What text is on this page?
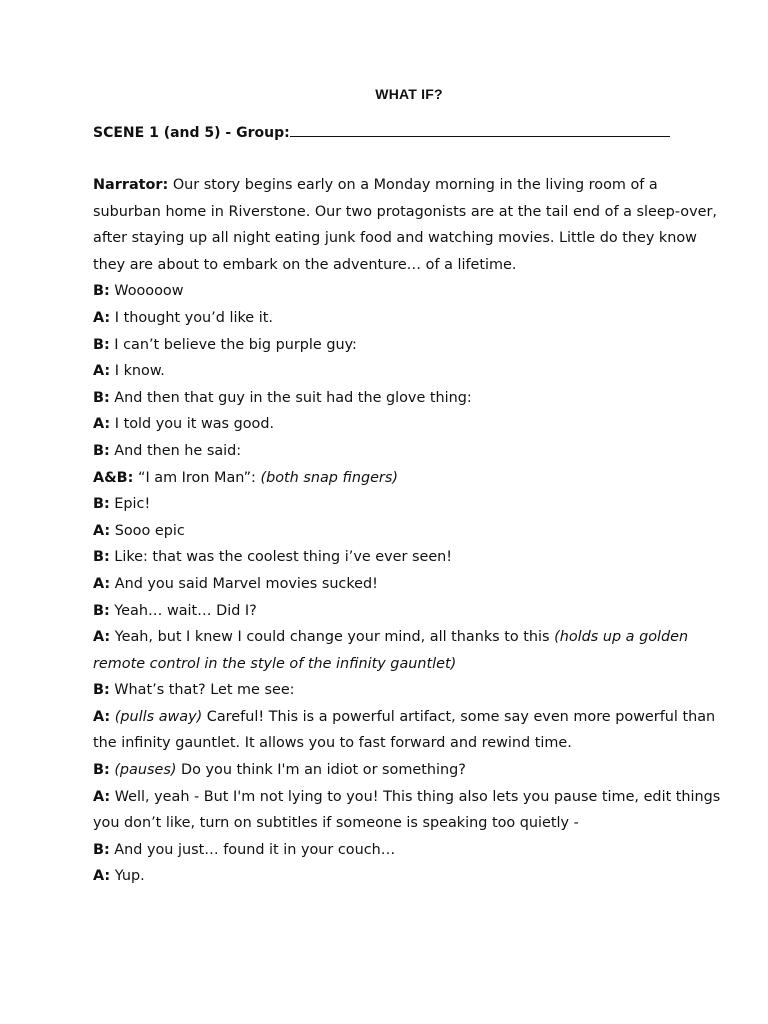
WHAT IF?
SCENE 1 (and 5) - Group:

Narrator: Our story begins early on a Monday morning in the living room of a suburban home in Riverstone. Our two protagonists are at the tail end of a sleep-over, after staying up all night eating junk food and watching movies. Little do they know they are about to embark on the adventure… of a lifetime.

B: Wooooow

A: I thought you’d like it.

B: I can’t believe the big purple guy:

A: I know.

B: And then that guy in the suit had the glove thing:

A: I told you it was good.

B: And then he said:

A&B: “I am Iron Man”: (both snap fingers)

B: Epic!

A: Sooo epic

B: Like: that was the coolest thing i’ve ever seen!

A: And you said Marvel movies sucked!

B: Yeah… wait… Did I?

A: Yeah, but I knew I could change your mind, all thanks to this (holds up a golden remote control in the style of the infinity gauntlet)

B: What’s that? Let me see:

A: (pulls away) Careful! This is a powerful artifact, some say even more powerful than the infinity gauntlet. It allows you to fast forward and rewind time.

B: (pauses) Do you think I'm an idiot or something?

A: Well, yeah - But I'm not lying to you! This thing also lets you pause time, edit things you don’t like, turn on subtitles if someone is speaking too quietly -

B: And you just… found it in your couch…

A: Yup.
